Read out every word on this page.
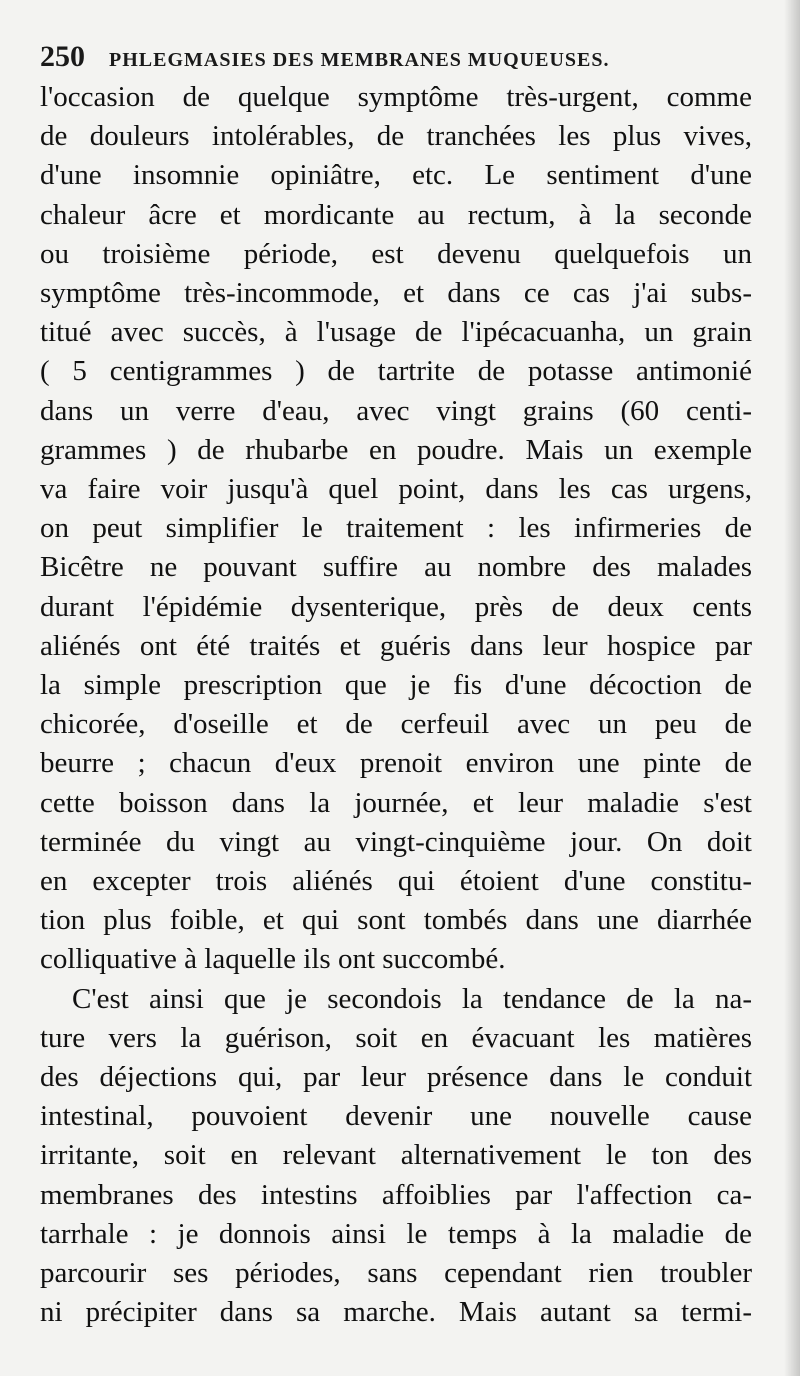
250 PHLEGMASIES DES MEMBRANES MUQUEUSES.
l'occasion de quelque symptôme très-urgent, comme
de douleurs intolérables, de tranchées les plus vives,
d'une insomnie opiniâtre, etc. Le sentiment d'une
chaleur âcre et mordicante au rectum, à la seconde
ou troisième période, est devenu quelquefois un
symptôme très-incommode, et dans ce cas j'ai subs-
titué avec succès, à l'usage de l'ipécacuanha, un grain
( 5 centigrammes ) de tartrite de potasse antimonié
dans un verre d'eau, avec vingt grains (60 centi-
grammes ) de rhubarbe en poudre. Mais un exemple
va faire voir jusqu'à quel point, dans les cas urgens,
on peut simplifier le traitement : les infirmeries de
Bicêtre ne pouvant suffire au nombre des malades
durant l'épidémie dysenterique, près de deux cents
aliénés ont été traités et guéris dans leur hospice par
la simple prescription que je fis d'une décoction de
chicorée, d'oseille et de cerfeuil avec un peu de
beurre ; chacun d'eux prenoit environ une pinte de
cette boisson dans la journée, et leur maladie s'est
terminée du vingt au vingt-cinquième jour. On doit
en excepter trois aliénés qui étoient d'une constitu-
tion plus foible, et qui sont tombés dans une diarrhée
colliquative à laquelle ils ont succombé.
C'est ainsi que je secondois la tendance de la na-
ture vers la guérison, soit en évacuant les matières
des déjections qui, par leur présence dans le conduit
intestinal, pouvoient devenir une nouvelle cause
irritante, soit en relevant alternativement le ton des
membranes des intestins affoiblies par l'affection ca-
tarrhale : je donnois ainsi le temps à la maladie de
parcourir ses périodes, sans cependant rien troubler
ni précipiter dans sa marche. Mais autant sa termi-
